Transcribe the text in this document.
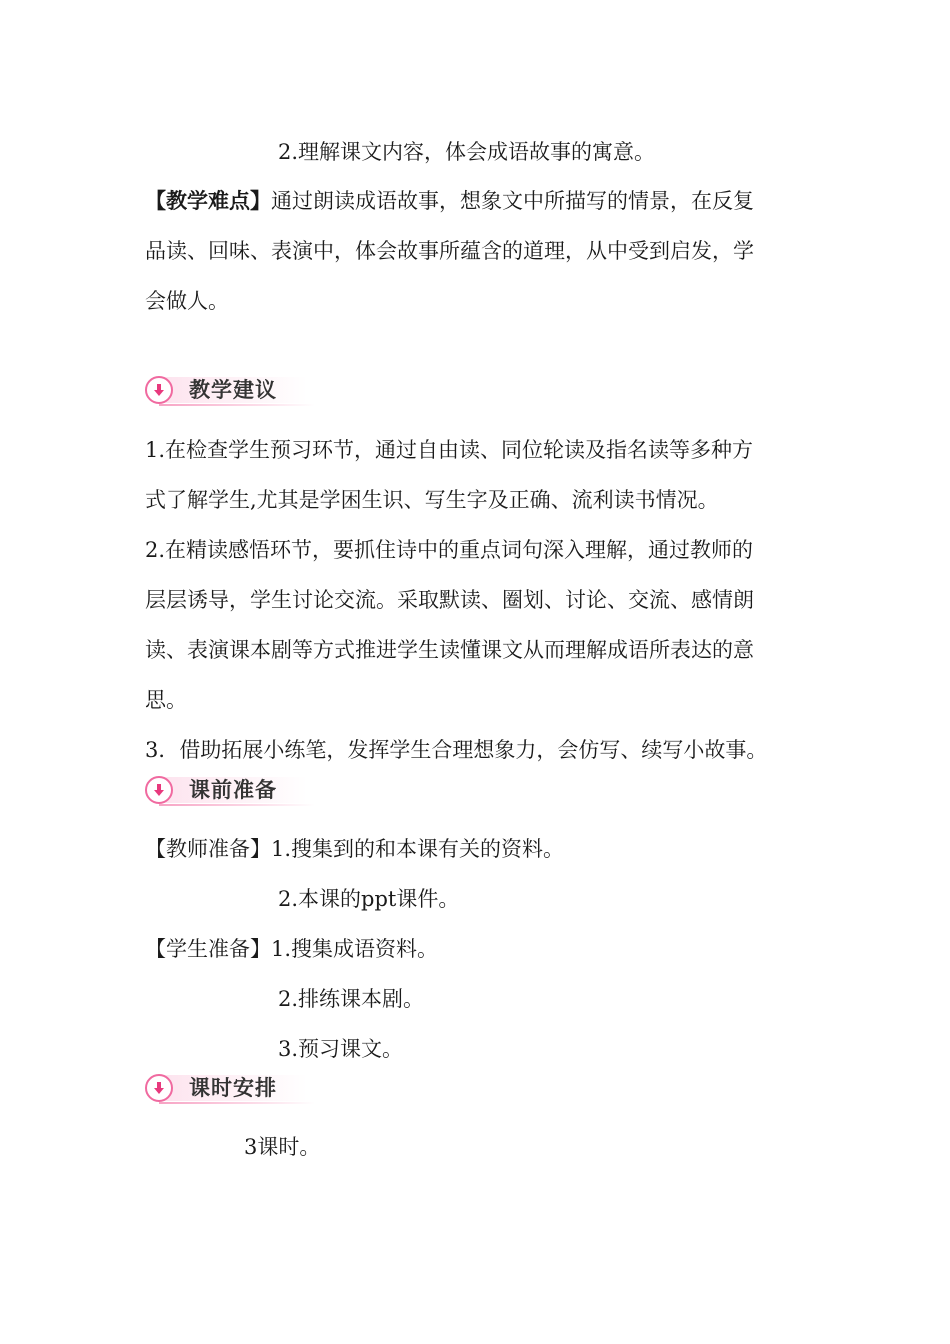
2.理解课文内容，体会成语故事的寓意。
【教学难点】通过朗读成语故事，想象文中所描写的情景，在反复
品读、回味、表演中，体会故事所蕴含的道理，从中受到启发，学
会做人。
教学建议
1.在检查学生预习环节，通过自由读、同位轮读及指名读等多种方
式了解学生,尤其是学困生识、写生字及正确、流利读书情况。
2.在精读感悟环节，要抓住诗中的重点词句深入理解，通过教师的
层层诱导，学生讨论交流。采取默读、圈划、讨论、交流、感情朗
读、表演课本剧等方式推进学生读懂课文从而理解成语所表达的意
思。
3．借助拓展小练笔，发挥学生合理想象力，会仿写、续写小故事。
课前准备
【教师准备】1.搜集到的和本课有关的资料。
2.本课的ppt课件。
【学生准备】1.搜集成语资料。
2.排练课本剧。
3.预习课文。
课时安排
3课时。
